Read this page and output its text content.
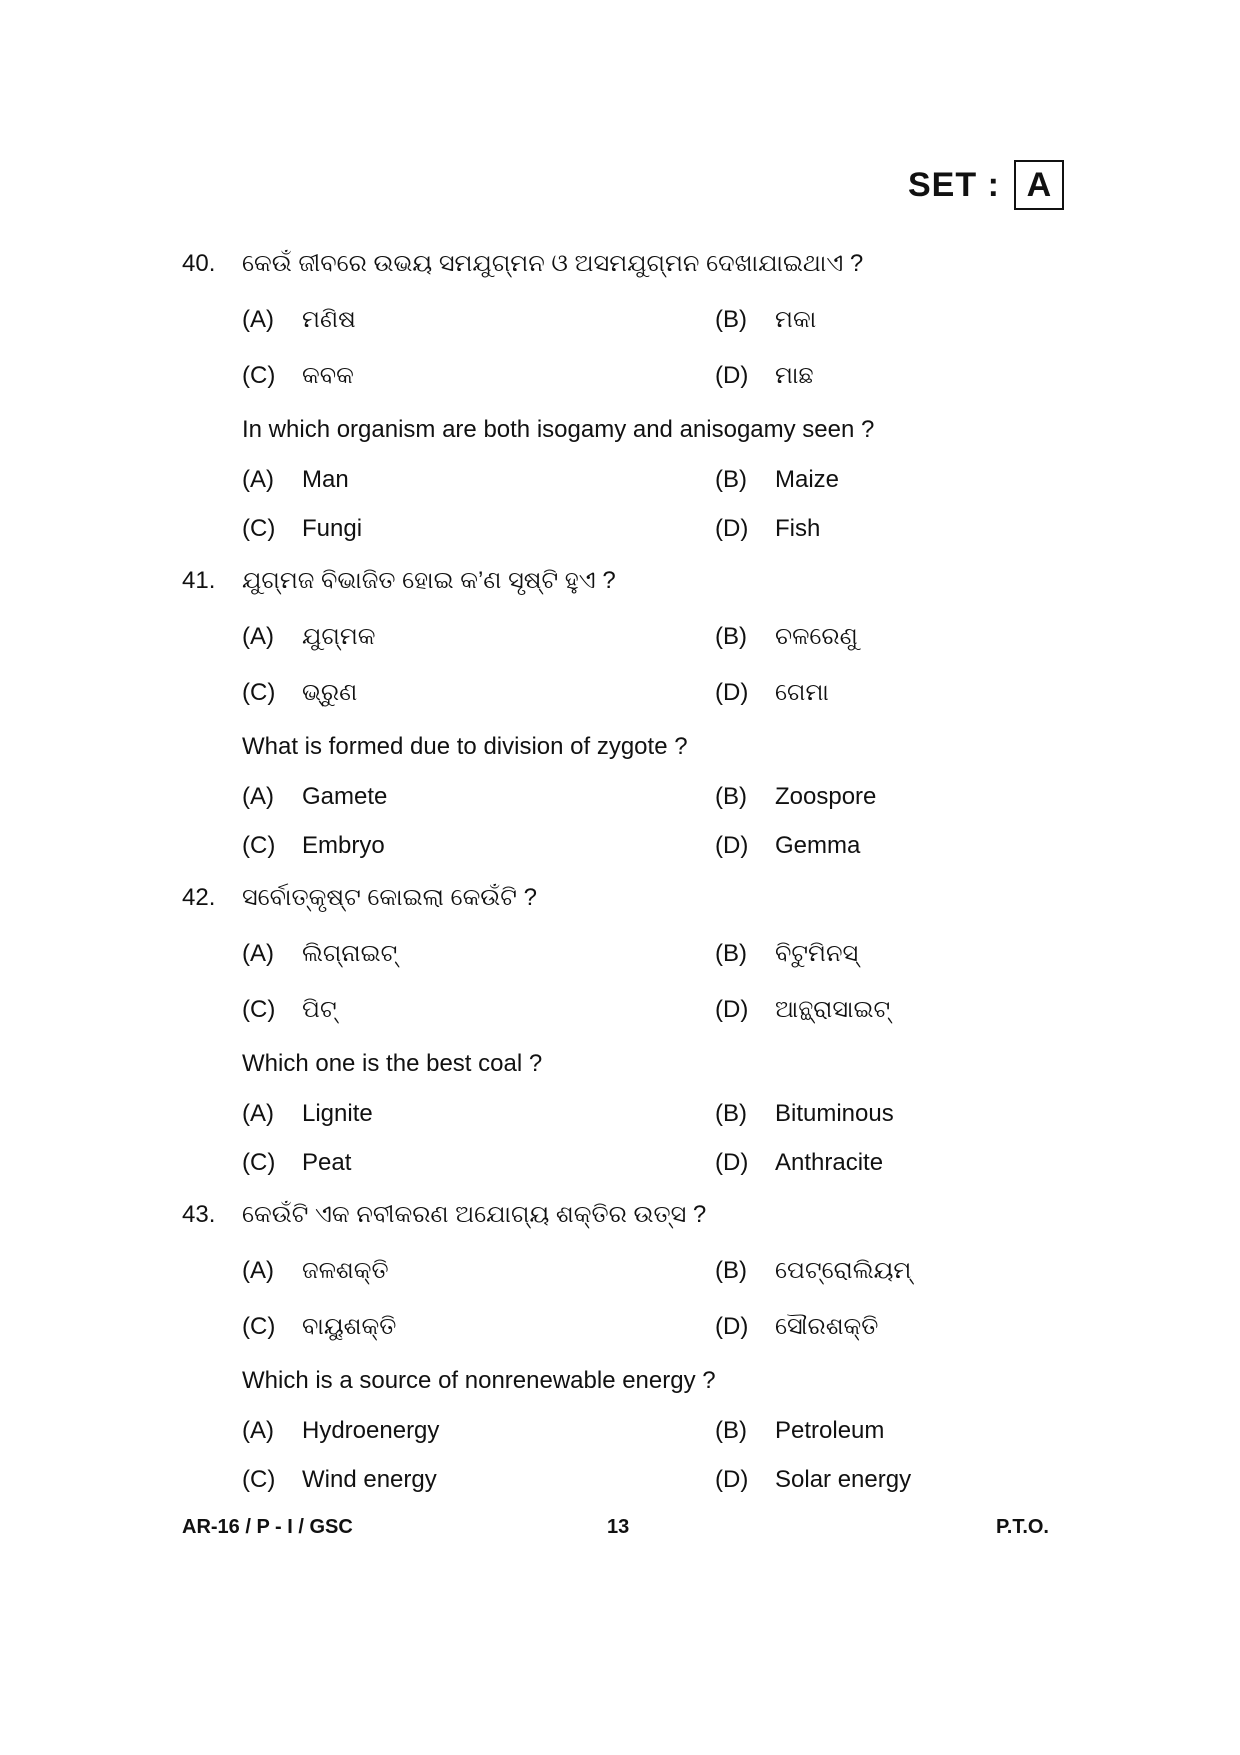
SET : A
40. କେଉଁ ଜୀବରେ ଉଭୟ ସମଯୁଗ୍ମନ ଓ ଅସମଯୁଗ୍ମନ ଦେଖାଯାଇଥାଏ ?
(A) ମଣିଷ	(B) ମକା
(C) କବକ	(D) ମାଛ
In which organism are both isogamy and anisogamy seen ?
(A) Man	(B) Maize
(C) Fungi	(D) Fish
41. ଯୁଗ୍ମଜ ବିଭାଜିତ ହୋଇ କ’ଣ ସୃଷ୍ଟି ହୁଏ ?
(A) ଯୁଗ୍ମକ	(B) ଚଳରେଣୁ
(C) ଭ୍ରୁଣ	(D) ଗେମା
What is formed due to division of zygote ?
(A) Gamete	(B) Zoospore
(C) Embryo	(D) Gemma
42. ସର୍ବୋତ୍କୃଷ୍ଟ କୋଇଲା କେଉଁଟି ?
(A) ଲିଗ୍ନାଇଟ୍	(B) ବିଟୁମିନସ୍
(C) ପିଟ୍	(D) ଆନ୍ଥ୍ରାସାଇଟ୍
Which one is the best coal ?
(A) Lignite	(B) Bituminous
(C) Peat	(D) Anthracite
43. କେଉଁଟି ଏକ ନବୀକରଣ ଅଯୋଗ୍ୟ ଶକ୍ତିର ଉତ୍ସ ?
(A) ଜଳଶକ୍ତି	(B) ପେଟ୍ରୋଲିୟମ୍
(C) ବାୟୁଶକ୍ତି	(D) ସୌରଶକ୍ତି
Which is a source of nonrenewable energy ?
(A) Hydroenergy	(B) Petroleum
(C) Wind energy	(D) Solar energy
AR-16 / P - I / GSC	13	P.T.O.
